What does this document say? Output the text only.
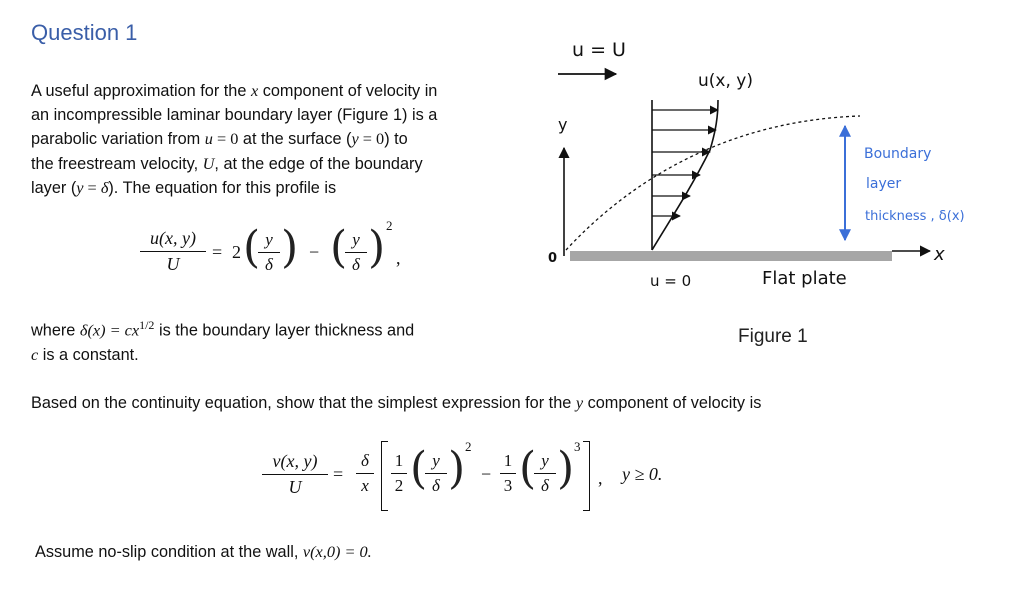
Question 1
A useful approximation for the x component of velocity in
an incompressible laminar boundary layer (Figure 1) is a
parabolic variation from u = 0 at the surface (y = 0) to
the freestream velocity, U, at the edge of the boundary
layer (y = δ). The equation for this profile is
u(x, y)
U
= 2 ( y
δ ) − ( y
δ ) 2
,
where $\delta(x) = cx^{1/2}$ is the boundary layer thickness and
c is a constant.
Based on the continuity equation, show that the simplest expression for the y component of velocity is
v(x, y)
U
=
δ
x
1
2 ( y
δ ) 2
−
1
3 ( y
δ ) 3
, y ≥ 0.
Assume no-slip condition at the wall, v(x,0) = 0.
u = U
u(x, y)
y
0	x
u = 0	Flat plate
Boundary
layer
thickness , δ(x)
Figure 1
